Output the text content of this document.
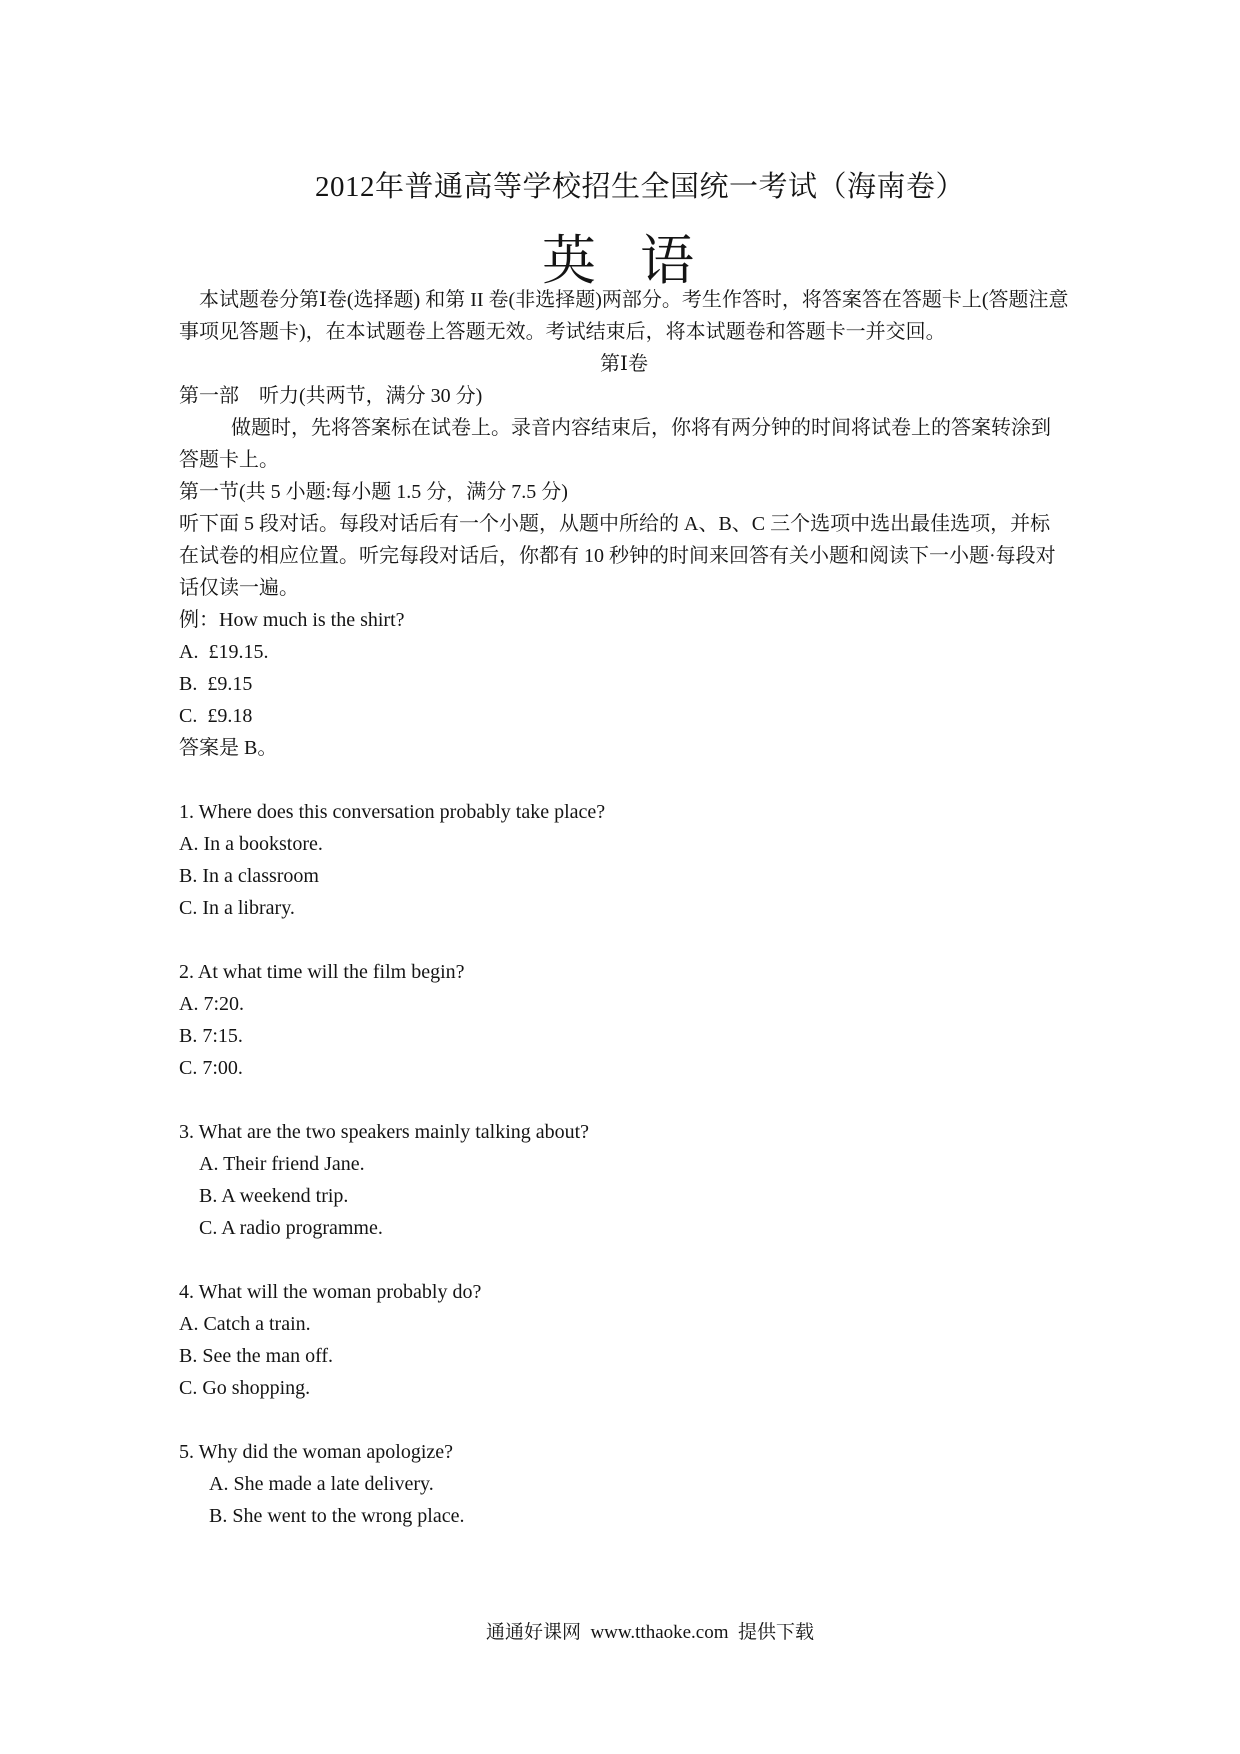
2012年普通高等学校招生全国统一考试（海南卷）
英语

本试题卷分第Ⅰ卷(选择题) 和第 II 卷(非选择题)两部分。考生作答时，将答案答在答题卡上(答题注意事项见答题卡)，在本试题卷上答题无效。考试结束后，将本试题卷和答题卡一并交回。

第Ⅰ卷

第一部    听力(共两节，满分 30 分)

做题时，先将答案标在试卷上。录音内容结束后，你将有两分钟的时间将试卷上的答案转涂到答题卡上。

第一节(共 5 小题:每小题 1.5 分，满分 7.5 分)

听下面 5 段对话。每段对话后有一个小题，从题中所给的 A、B、C 三个选项中选出最佳选项，并标在试卷的相应位置。听完每段对话后，你都有 10 秒钟的时间来回答有关小题和阅读下一小题·每段对话仅读一遍。

例：How much is the shirt?

A.  £19.15.
B.  £9.15
C.  £9.18

答案是 B。

1. Where does this conversation probably take place?

A. In a bookstore.
B. In a classroom
C. In a library.

2. At what time will the film begin?

A. 7:20.
B. 7:15.
C. 7:00.

3. What are the two speakers mainly talking about?

A. Their friend Jane.
B. A weekend trip.
C. A radio programme.

4. What will the woman probably do?

A. Catch a train.
B. See the man off.
C. Go shopping.

5. Why did the woman apologize?

A. She made a late delivery.
B. She went to the wrong place.
通通好课网  www.tthaoke.com  提供下载
